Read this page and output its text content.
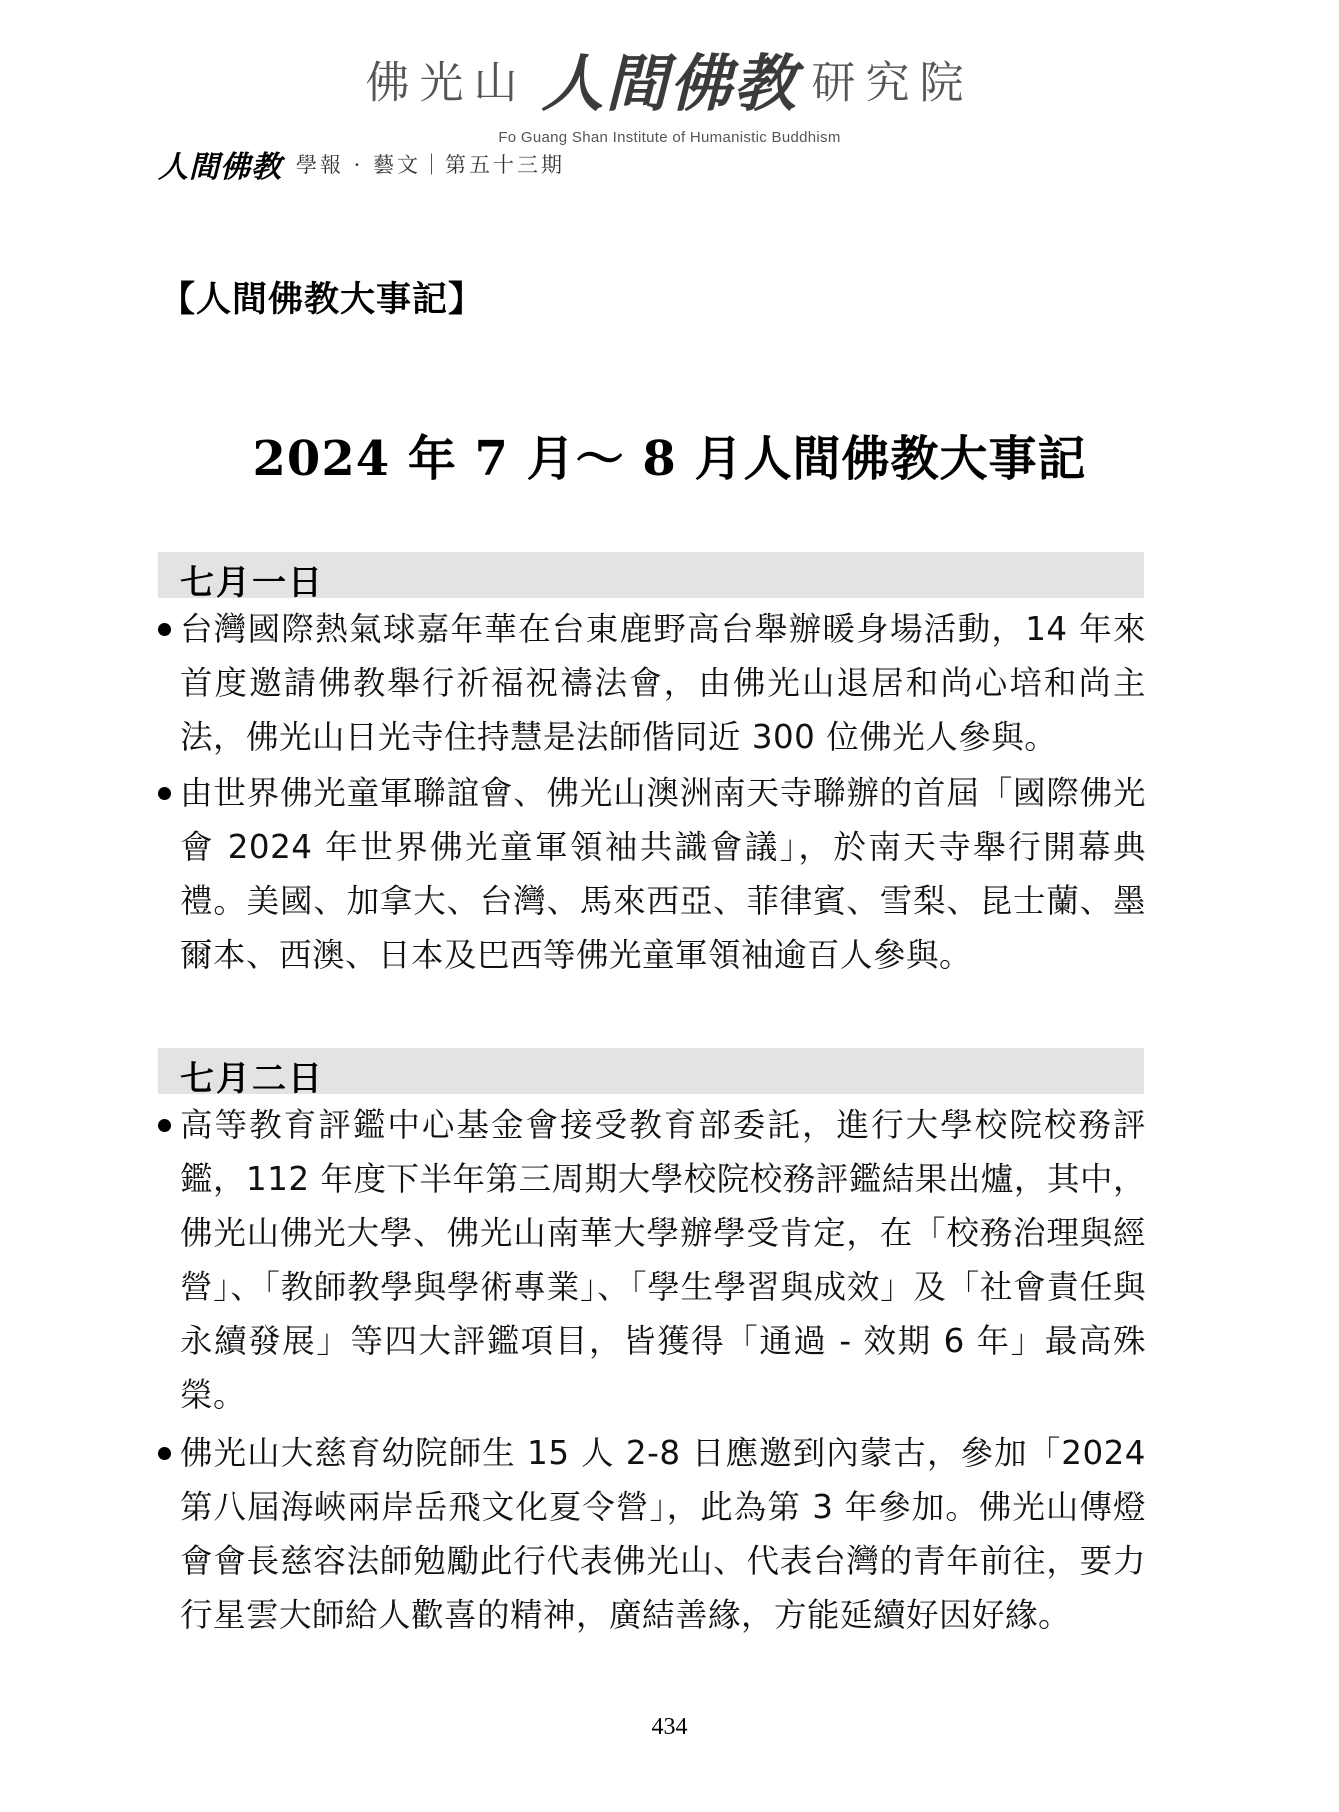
佛光山 人間佛教 研究院
Fo Guang Shan Institute of Humanistic Buddhism
人間佛教 學報 · 藝文｜第五十三期
【人間佛教大事記】
2024 年 7 月～ 8 月人間佛教大事記
七月一日
台灣國際熱氣球嘉年華在台東鹿野高台舉辦暖身場活動，14 年來首度邀請佛教舉行祈福祝禱法會，由佛光山退居和尚心培和尚主法，佛光山日光寺住持慧是法師偕同近 300 位佛光人參與。
由世界佛光童軍聯誼會、佛光山澳洲南天寺聯辦的首屆「國際佛光會 2024 年世界佛光童軍領袖共識會議」，於南天寺舉行開幕典禮。美國、加拿大、台灣、馬來西亞、菲律賓、雪梨、昆士蘭、墨爾本、西澳、日本及巴西等佛光童軍領袖逾百人參與。
七月二日
高等教育評鑑中心基金會接受教育部委託，進行大學校院校務評鑑，112 年度下半年第三周期大學校院校務評鑑結果出爐，其中，佛光山佛光大學、佛光山南華大學辦學受肯定，在「校務治理與經營」、「教師教學與學術專業」、「學生學習與成效」及「社會責任與永續發展」等四大評鑑項目，皆獲得「通過 - 效期 6 年」最高殊榮。
佛光山大慈育幼院師生 15 人 2-8 日應邀到內蒙古，參加「2024 第八屆海峽兩岸岳飛文化夏令營」，此為第 3 年參加。佛光山傳燈會會長慈容法師勉勵此行代表佛光山、代表台灣的青年前往，要力行星雲大師給人歡喜的精神，廣結善緣，方能延續好因好緣。
434
